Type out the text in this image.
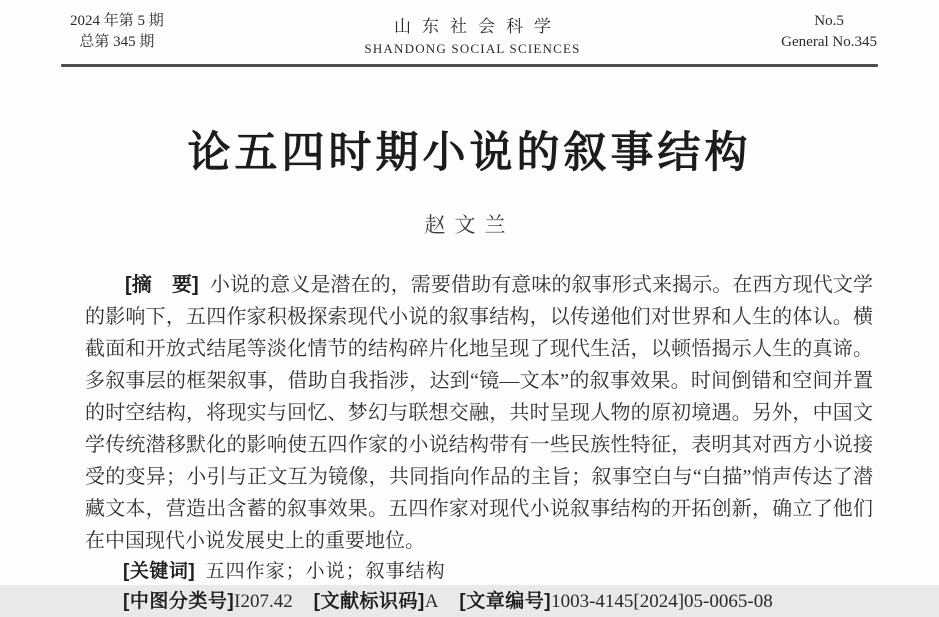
2024 年第 5 期
总第 345 期
山东社会科学
SHANDONG SOCIAL SCIENCES
No.5
General No.345
论五四时期小说的叙事结构
赵文兰

[摘　要] 小说的意义是潜在的，需要借助有意味的叙事形式来揭示。在西方现代文学的影响下，五四作家积极探索现代小说的叙事结构，以传递他们对世界和人生的体认。横截面和开放式结尾等淡化情节的结构碎片化地呈现了现代生活，以顿悟揭示人生的真谛。多叙事层的框架叙事，借助自我指涉，达到“镜—文本”的叙事效果。时间倒错和空间并置的时空结构，将现实与回忆、梦幻与联想交融，共时呈现人物的原初境遇。另外，中国文学传统潜移默化的影响使五四作家的小说结构带有一些民族性特征，表明其对西方小说接受的变异；小引与正文互为镜像，共同指向作品的主旨；叙事空白与“白描”悄声传达了潜藏文本，营造出含蓄的叙事效果。五四作家对现代小说叙事结构的开拓创新，确立了他们在中国现代小说发展史上的重要地位。

[关键词] 五四作家；小说；叙事结构

[中图分类号]I207.42 [文献标识码]A [文章编号]1003-4145[2024]05-0065-08
